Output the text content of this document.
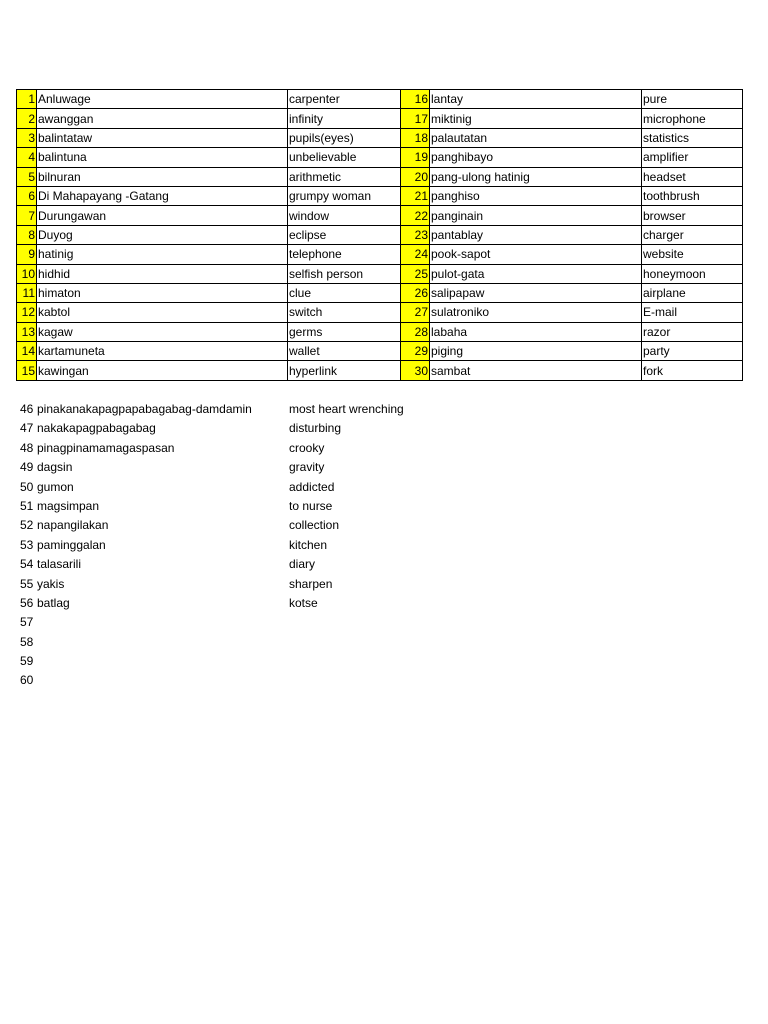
1	Anluwage	carpenter	16	lantay	pure
2	awanggan	infinity	17	miktinig	microphone
3	balintataw	pupils(eyes)	18	palautatan	statistics
4	balintuna	unbelievable	19	panghibayo	amplifier
5	bilnuran	arithmetic	20	pang-ulong hatinig	headset
6	Di Mahapayang -Gatang	grumpy woman	21	panghiso	toothbrush
7	Durungawan	window	22	panginain	browser
8	Duyog	eclipse	23	pantablay	charger
9	hatinig	telephone	24	pook-sapot	website
10	hidhid	selfish person	25	pulot-gata	honeymoon
11	himaton	clue	26	salipapaw	airplane
12	kabtol	switch	27	sulatroniko	E-mail
13	kagaw	germs	28	labaha	razor
14	kartamuneta	wallet	29	piging	party
15	kawingan	hyperlink	30	sambat	fork
46 pinakanakapagpapabagabag-damdamin	most heart wrenching
47 nakakapagpabagabag	disturbing
48 pinagpinamamagaspasan	crooky
49 dagsin	gravity
50 gumon	addicted
51 magsimpan	to nurse
52 napangilakan	collection
53 paminggalan	kitchen
54 talasarili	diary
55 yakis	sharpen
56 batlag	kotse
57
58
59
60
